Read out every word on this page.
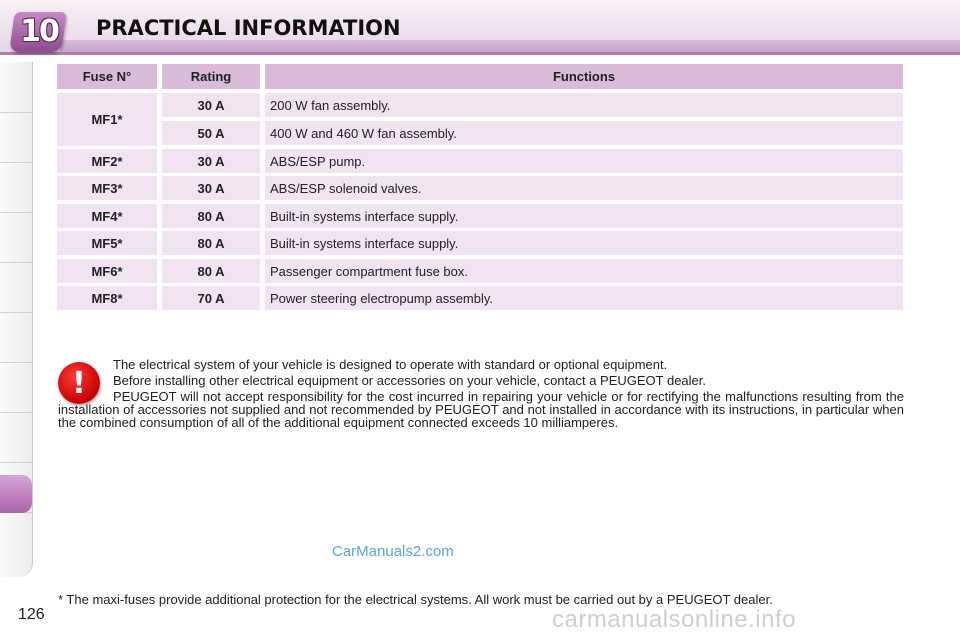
10 PRACTICAL INFORMATION
Fuse N°	Rating	Functions
MF1*
30 A	200 W fan assembly.
50 A	400 W and 460 W fan assembly.
MF2*	30 A	ABS/ESP pump.
MF3*	30 A	ABS/ESP solenoid valves.
MF4*	80 A	Built-in systems interface supply.
MF5*	80 A	Built-in systems interface supply.
MF6*	80 A	Passenger compartment fuse box.
MF8*	70 A	Power steering electropump assembly.
!

The electrical system of your vehicle is designed to operate with standard or optional equipment.

Before installing other electrical equipment or accessories on your vehicle, contact a PEUGEOT dealer.

PEUGEOT will not accept responsibility for the cost incurred in repairing your vehicle or for rectifying the malfunctions resulting from the installation of accessories not supplied and not recommended by PEUGEOT and not installed in accordance with its instructions, in particular when the combined consumption of all of the additional equipment connected exceeds 10 milliamperes.

CarManuals2.com
* The maxi-fuses provide additional protection for the electrical systems. All work must be carried out by a PEUGEOT dealer.
126	carmanualsonline.info
